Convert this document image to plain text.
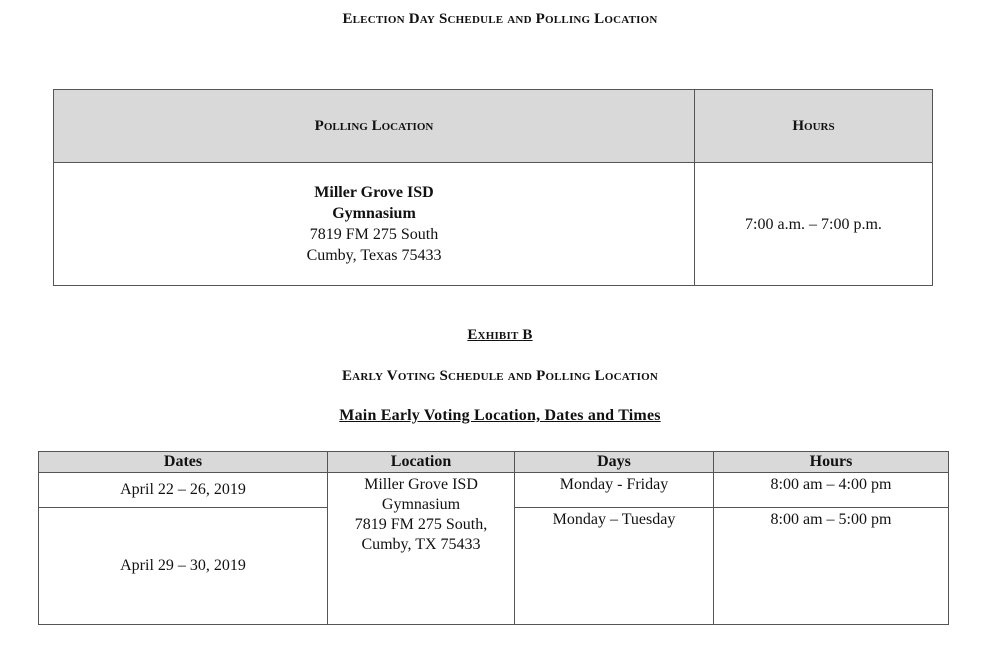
Election Day Schedule and Polling Location
Polling Location	Hours

Miller Grove ISD
Gymnasium
7819 FM 275 South
Cumby, Texas 75433	7:00 a.m. – 7:00 p.m.
Exhibit B
Early Voting Schedule and Polling Location
Main Early Voting Location, Dates and Times
Dates	Location	Days	Hours
April 22 – 26, 2019	Miller Grove ISD
Gymnasium
7819 FM 275 South,
Cumby, TX 75433	Monday - Friday	8:00 am – 4:00 pm
April 29 – 30, 2019		Monday – Tuesday	8:00 am – 5:00 pm
